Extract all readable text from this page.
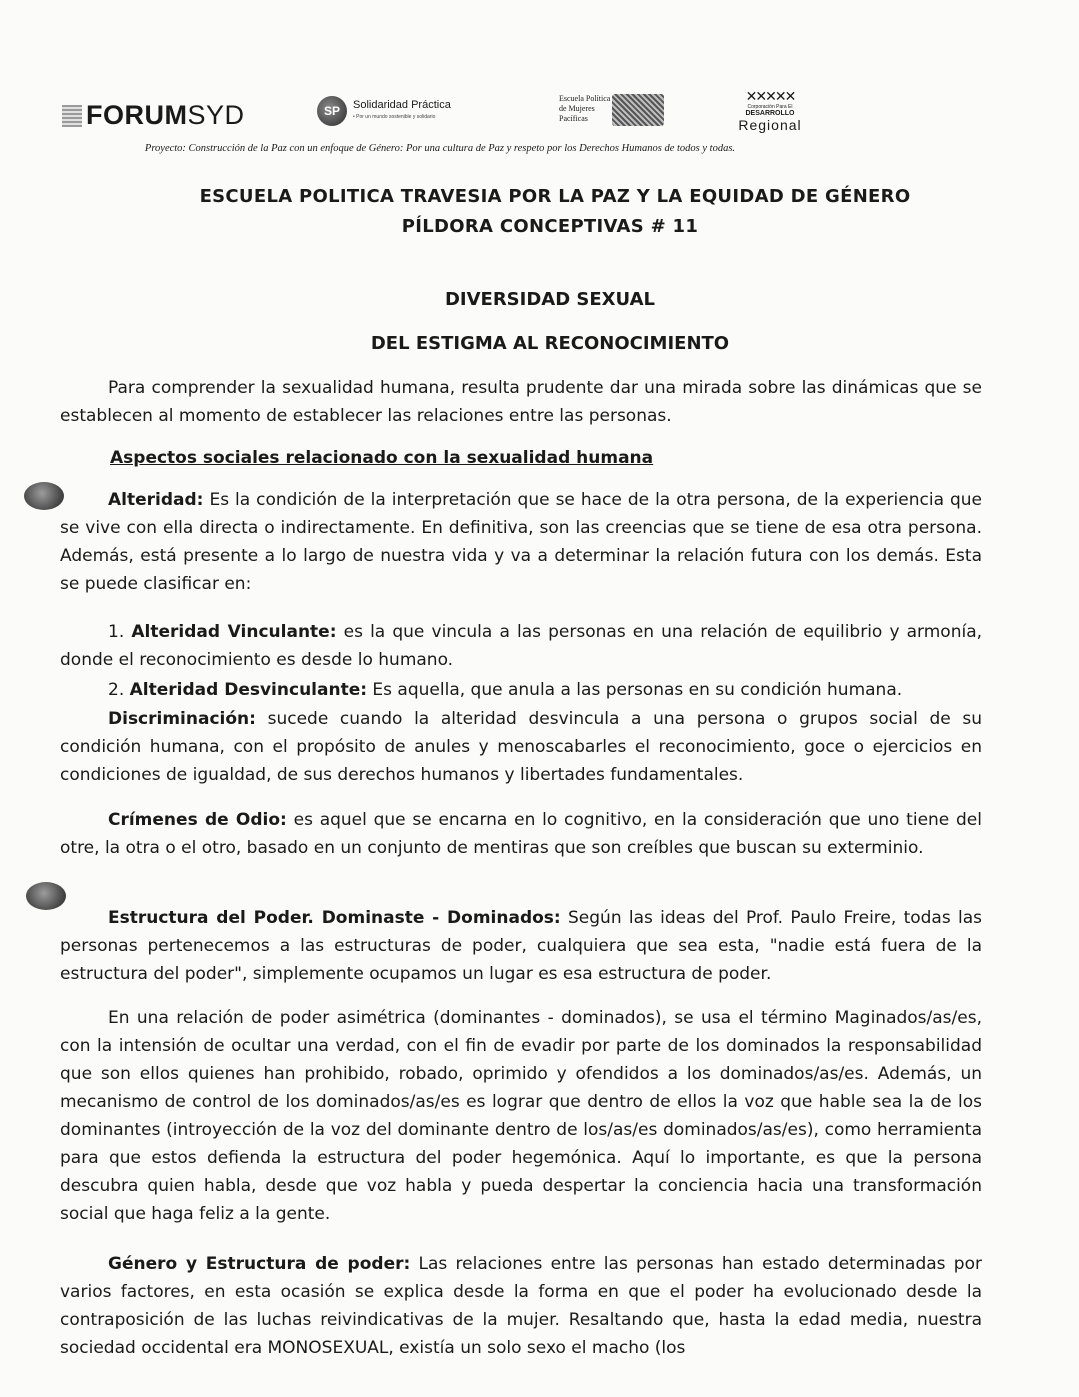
FORUMSYD	SP	Solidaridad Práctica
• Por un mundo sostenible y solidario
Escuela Política
de Mujeres
Pacíficas
✕✕✕✕✕
Corporación Para El
DESARROLLO
Regional
Proyecto: Construcción de la Paz con un enfoque de Género: Por una cultura de Paz y respeto por los Derechos Humanos de todos y todas.
ESCUELA POLITICA TRAVESIA POR LA PAZ Y LA EQUIDAD DE GÉNERO
PÍLDORA CONCEPTIVAS # 11
DIVERSIDAD SEXUAL
DEL ESTIGMA AL RECONOCIMIENTO

Para comprender la sexualidad humana, resulta prudente dar una mirada sobre las dinámicas que se establecen al momento de establecer las relaciones entre las personas.

Aspectos sociales relacionado con la sexualidad humana

Alteridad: Es la condición de la interpretación que se hace de la otra persona, de la experiencia que se vive con ella directa o indirectamente. En definitiva, son las creencias que se tiene de esa otra persona. Además, está presente a lo largo de nuestra vida y va a determinar la relación futura con los demás. Esta se puede clasificar en:

1. Alteridad Vinculante: es la que vincula a las personas en una relación de equilibrio y armonía, donde el reconocimiento es desde lo humano.

2. Alteridad Desvinculante: Es aquella, que anula a las personas en su condición humana.

Discriminación: sucede cuando la alteridad desvincula a una persona o grupos social de su condición humana, con el propósito de anules y menoscabarles el reconocimiento, goce o ejercicios en condiciones de igualdad, de sus derechos humanos y libertades fundamentales.

Crímenes de Odio: es aquel que se encarna en lo cognitivo, en la consideración que uno tiene del otre, la otra o el otro, basado en un conjunto de mentiras que son creíbles que buscan su exterminio.

Estructura del Poder. Dominaste - Dominados: Según las ideas del Prof. Paulo Freire, todas las personas pertenecemos a las estructuras de poder, cualquiera que sea esta, "nadie está fuera de la estructura del poder", simplemente ocupamos un lugar es esa estructura de poder.

En una relación de poder asimétrica (dominantes - dominados), se usa el término Maginados/as/es, con la intensión de ocultar una verdad, con el fin de evadir por parte de los dominados la responsabilidad que son ellos quienes han prohibido, robado, oprimido y ofendidos a los dominados/as/es. Además, un mecanismo de control de los dominados/as/es es lograr que dentro de ellos la voz que hable sea la de los dominantes (introyección de la voz del dominante dentro de los/as/es dominados/as/es), como herramienta para que estos defienda la estructura del poder hegemónica. Aquí lo importante, es que la persona descubra quien habla, desde que voz habla y pueda despertar la conciencia hacia una transformación social que haga feliz a la gente.

Género y Estructura de poder: Las relaciones entre las personas han estado determinadas por varios factores, en esta ocasión se explica desde la forma en que el poder ha evolucionado desde la contraposición de las luchas reivindicativas de la mujer. Resaltando que, hasta la edad media, nuestra sociedad occidental era MONOSEXUAL, existía un solo sexo el macho (los
